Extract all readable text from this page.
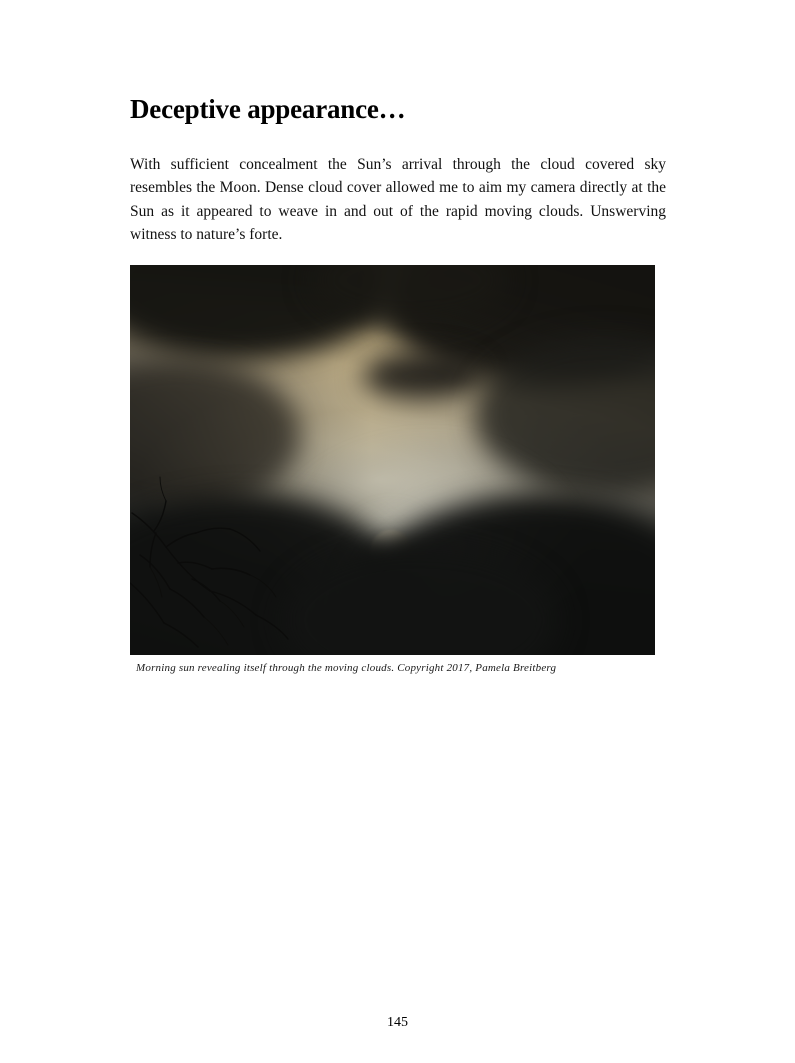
Deceptive appearance…

With sufficient concealment the Sun’s arrival through the cloud covered sky resembles the Moon. Dense cloud cover allowed me to aim my camera directly at the Sun as it appeared to weave in and out of the rapid moving clouds. Unswerving witness to nature’s forte.

Morning sun revealing itself through the moving clouds. Copyright 2017, Pamela Breitberg
145
